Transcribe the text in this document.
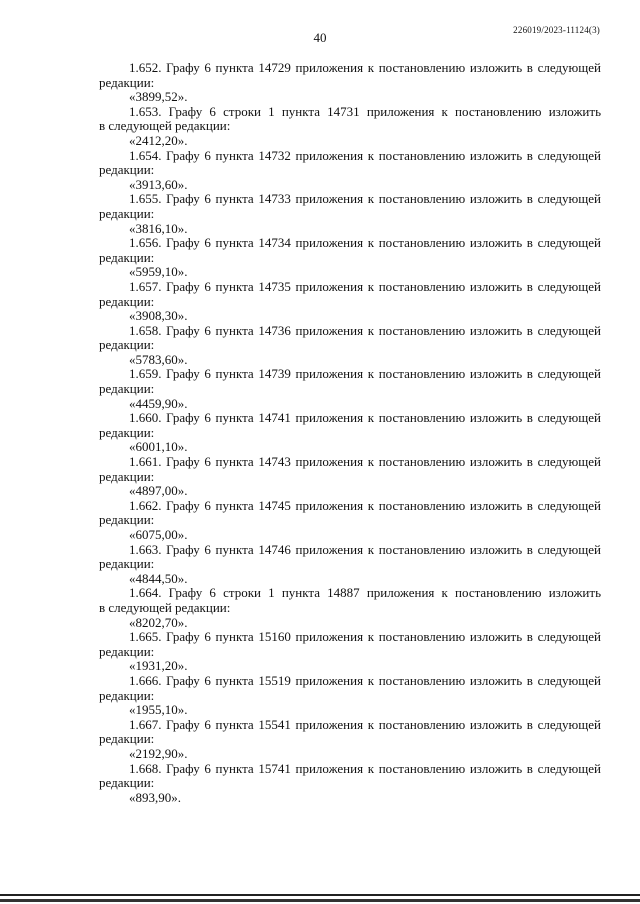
226019/2023-11124(3)
40
1.652. Графу 6 пункта 14729 приложения к постановлению изложить в следующей
редакции:
«3899,52».
1.653. Графу 6 строки 1 пункта 14731 приложения к постановлению изложить
в следующей редакции:
«2412,20».
1.654. Графу 6 пункта 14732 приложения к постановлению изложить в следующей
редакции:
«3913,60».
1.655. Графу 6 пункта 14733 приложения к постановлению изложить в следующей
редакции:
«3816,10».
1.656. Графу 6 пункта 14734 приложения к постановлению изложить в следующей
редакции:
«5959,10».
1.657. Графу 6 пункта 14735 приложения к постановлению изложить в следующей
редакции:
«3908,30».
1.658. Графу 6 пункта 14736 приложения к постановлению изложить в следующей
редакции:
«5783,60».
1.659. Графу 6 пункта 14739 приложения к постановлению изложить в следующей
редакции:
«4459,90».
1.660. Графу 6 пункта 14741 приложения к постановлению изложить в следующей
редакции:
«6001,10».
1.661. Графу 6 пункта 14743 приложения к постановлению изложить в следующей
редакции:
«4897,00».
1.662. Графу 6 пункта 14745 приложения к постановлению изложить в следующей
редакции:
«6075,00».
1.663. Графу 6 пункта 14746 приложения к постановлению изложить в следующей
редакции:
«4844,50».
1.664. Графу 6 строки 1 пункта 14887 приложения к постановлению изложить
в следующей редакции:
«8202,70».
1.665. Графу 6 пункта 15160 приложения к постановлению изложить в следующей
редакции:
«1931,20».
1.666. Графу 6 пункта 15519 приложения к постановлению изложить в следующей
редакции:
«1955,10».
1.667. Графу 6 пункта 15541 приложения к постановлению изложить в следующей
редакции:
«2192,90».
1.668. Графу 6 пункта 15741 приложения к постановлению изложить в следующей
редакции:
«893,90».
